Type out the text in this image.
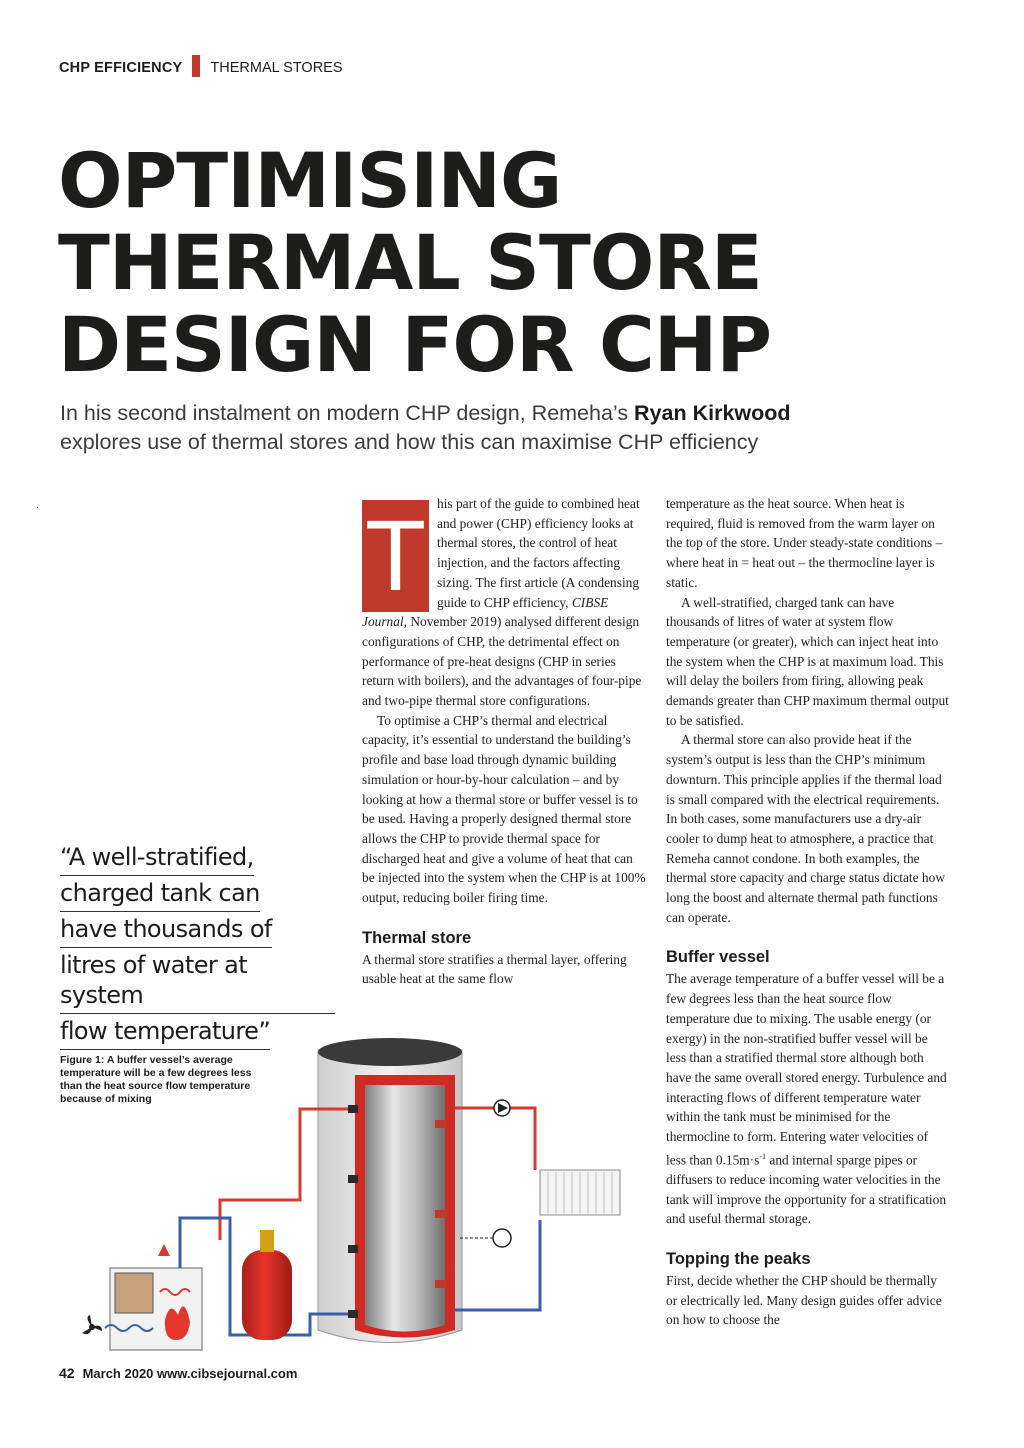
CHP EFFICIENCY THERMAL STORES
OPTIMISING
THERMAL STORE
DESIGN FOR CHP

In his second instalment on modern CHP design, Remeha’s Ryan Kirkwood
explores use of thermal stores and how this can maximise CHP efficiency

.	T his part of the guide to combined heat and power (CHP) efficiency looks at thermal stores, the control of heat injection, and the factors affecting sizing. The first article (A condensing guide to CHP efficiency, CIBSE Journal, November 2019) analysed different design configurations of CHP, the detrimental effect on performance of pre-heat designs (CHP in series return with boilers), and the advantages of four-pipe and two-pipe thermal store configurations.

To optimise a CHP’s thermal and electrical capacity, it’s essential to understand the building’s profile and base load through dynamic building simulation or hour-by-hour calculation – and by looking at how a thermal store or buffer vessel is to be used. Having a properly designed thermal store allows the CHP to provide thermal space for discharged heat and give a volume of heat that can be injected into the system when the CHP is at 100% output, reducing boiler firing time.

Thermal store

A thermal store stratifies a thermal layer, offering usable heat at the same flow

temperature as the heat source. When heat is required, fluid is removed from the warm layer on the top of the store. Under steady-state conditions – where heat in = heat out – the thermocline layer is static.

A well-stratified, charged tank can have thousands of litres of water at system flow temperature (or greater), which can inject heat into the system when the CHP is at maximum load. This will delay the boilers from firing, allowing peak demands greater than CHP maximum thermal output to be satisfied.

A thermal store can also provide heat if the system’s output is less than the CHP’s minimum downturn. This principle applies if the thermal load is small compared with the electrical requirements. In both cases, some manufacturers use a dry-air cooler to dump heat to atmosphere, a practice that Remeha cannot condone. In both examples, the thermal store capacity and charge status dictate how long the boost and alternate thermal path functions can operate.

Buffer vessel

The average temperature of a buffer vessel will be a few degrees less than the heat source flow temperature due to mixing. The usable energy (or exergy) in the non-stratified buffer vessel will be less than a stratified thermal store although both have the same overall stored energy. Turbulence and interacting flows of different temperature water within the tank must be minimised for the thermocline to form. Entering water velocities of less than $0.15m\cdot s^{-1}$ and internal sparge pipes or diffusers to reduce incoming water velocities in the tank will improve the opportunity for a stratification and useful thermal storage.

Topping the peaks

First, decide whether the CHP should be thermally or electrically led. Many design guides offer advice on how to choose the

“A well-stratified,
charged tank can
have thousands of
litres of water at system
flow temperature”
Figure 1: A buffer vessel’s average temperature will be a few degrees less than the heat source flow temperature because of mixing
42 March 2020 www.cibsejournal.com
